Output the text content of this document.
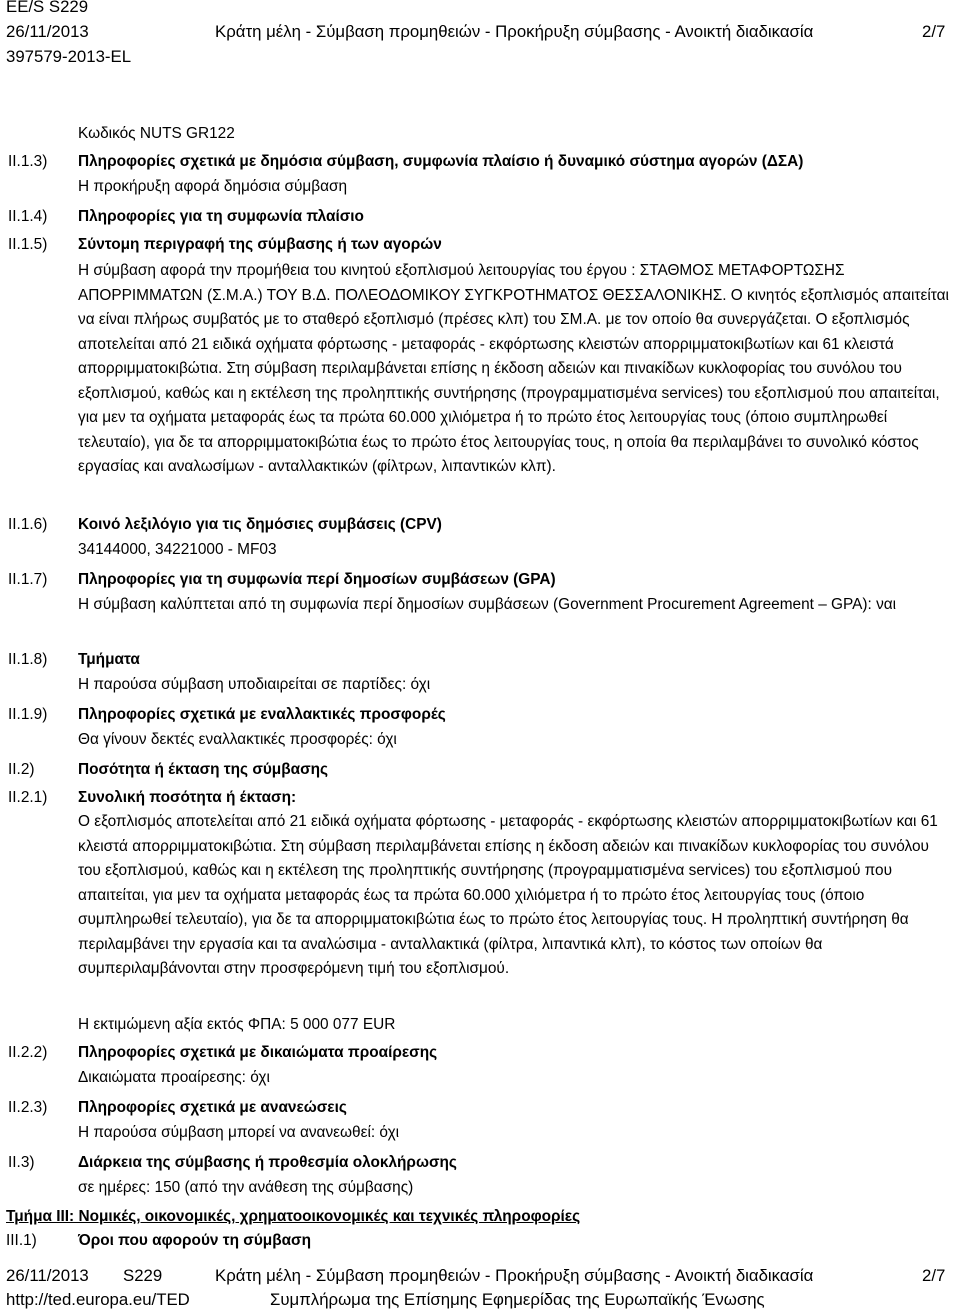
EE/S S229
26/11/2013	Κράτη μέλη - Σύμβαση προμηθειών - Προκήρυξη σύμβασης - Ανοικτή διαδικασία	2/7
397579-2013-EL
Κωδικός NUTS GR122
II.1.3) Πληροφορίες σχετικά με δημόσια σύμβαση, συμφωνία πλαίσιο ή δυναμικό σύστημα αγορών (ΔΣΑ)
Η προκήρυξη αφορά δημόσια σύμβαση
II.1.4) Πληροφορίες για τη συμφωνία πλαίσιο
II.1.5) Σύντομη περιγραφή της σύμβασης ή των αγορών
Η σύμβαση αφορά την προμήθεια του κινητού εξοπλισμού λειτουργίας του έργου : ΣΤΑΘΜΟΣ ΜΕΤΑΦΟΡΤΩΣΗΣ ΑΠΟΡΡΙΜΜΑΤΩΝ (Σ.Μ.Α.) ΤΟΥ Β.Δ. ΠΟΛΕΟΔΟΜΙΚΟΥ ΣΥΓΚΡΟΤΗΜΑΤΟΣ ΘΕΣΣΑΛΟΝΙΚΗΣ. Ο κινητός εξοπλισμός απαιτείται να είναι πλήρως συμβατός με το σταθερό εξοπλισμό (πρέσες κλπ) του ΣΜ.Α. με τον οποίο θα συνεργάζεται. Ο εξοπλισμός αποτελείται από 21 ειδικά οχήματα φόρτωσης - μεταφοράς - εκφόρτωσης κλειστών απορριμματοκιβωτίων και 61 κλειστά απορριμματοκιβώτια. Στη σύμβαση περιλαμβάνεται επίσης η έκδοση αδειών και πινακίδων κυκλοφορίας του συνόλου του εξοπλισμού, καθώς και η εκτέλεση της προληπτικής συντήρησης (προγραμματισμένα services) του εξοπλισμού που απαιτείται, για μεν τα οχήματα μεταφοράς έως τα πρώτα 60.000 χιλιόμετρα ή το πρώτο έτος λειτουργίας τους (όποιο συμπληρωθεί τελευταίο), για δε τα απορριμματοκιβώτια έως το πρώτο έτος λειτουργίας τους, η οποία θα περιλαμβάνει το συνολικό κόστος εργασίας και αναλωσίμων - ανταλλακτικών (φίλτρων, λιπαντικών κλπ).
II.1.6) Κοινό λεξιλόγιο για τις δημόσιες συμβάσεις (CPV)
34144000, 34221000 - MF03
II.1.7) Πληροφορίες για τη συμφωνία περί δημοσίων συμβάσεων (GPA)
Η σύμβαση καλύπτεται από τη συμφωνία περί δημοσίων συμβάσεων (Government Procurement Agreement – GPA): ναι
II.1.8) Τμήματα
Η παρούσα σύμβαση υποδιαιρείται σε παρτίδες: όχι
II.1.9) Πληροφορίες σχετικά με εναλλακτικές προσφορές
Θα γίνουν δεκτές εναλλακτικές προσφορές: όχι
II.2)	Ποσότητα ή έκταση της σύμβασης
II.2.1) Συνολική ποσότητα ή έκταση:
Ο εξοπλισμός αποτελείται από 21 ειδικά οχήματα φόρτωσης - μεταφοράς - εκφόρτωσης κλειστών απορριμματοκιβωτίων και 61 κλειστά απορριμματοκιβώτια. Στη σύμβαση περιλαμβάνεται επίσης η έκδοση αδειών και πινακίδων κυκλοφορίας του συνόλου του εξοπλισμού, καθώς και η εκτέλεση της προληπτικής συντήρησης (προγραμματισμένα services) του εξοπλισμού που απαιτείται, για μεν τα οχήματα μεταφοράς έως τα πρώτα 60.000 χιλιόμετρα ή το πρώτο έτος λειτουργίας τους (όποιο συμπληρωθεί τελευταίο), για δε τα απορριμματοκιβώτια έως το πρώτο έτος λειτουργίας τους. Η προληπτική συντήρηση θα περιλαμβάνει την εργασία και τα αναλώσιμα - ανταλλακτικά (φίλτρα, λιπαντικά κλπ), το κόστος των οποίων θα συμπεριλαμβάνονται στην προσφερόμενη τιμή του εξοπλισμού.
Η εκτιμώμενη αξία εκτός ΦΠΑ: 5 000 077 EUR
II.2.2) Πληροφορίες σχετικά με δικαιώματα προαίρεσης
Δικαιώματα προαίρεσης: όχι
II.2.3) Πληροφορίες σχετικά με ανανεώσεις
Η παρούσα σύμβαση μπορεί να ανανεωθεί: όχι
II.3)	Διάρκεια της σύμβασης ή προθεσμία ολοκλήρωσης
σε ημέρες: 150 (από την ανάθεση της σύμβασης)
Τμήμα III: Νομικές, οικονομικές, χρηματοοικονομικές και τεχνικές πληροφορίες
III.1)	Όροι που αφορούν τη σύμβαση
26/11/2013 S229	Κράτη μέλη - Σύμβαση προμηθειών - Προκήρυξη σύμβασης - Ανοικτή διαδικασία	2/7
http://ted.europa.eu/TED	Συμπλήρωμα της Επίσημης Εφημερίδας της Ευρωπαϊκής Ένωσης
